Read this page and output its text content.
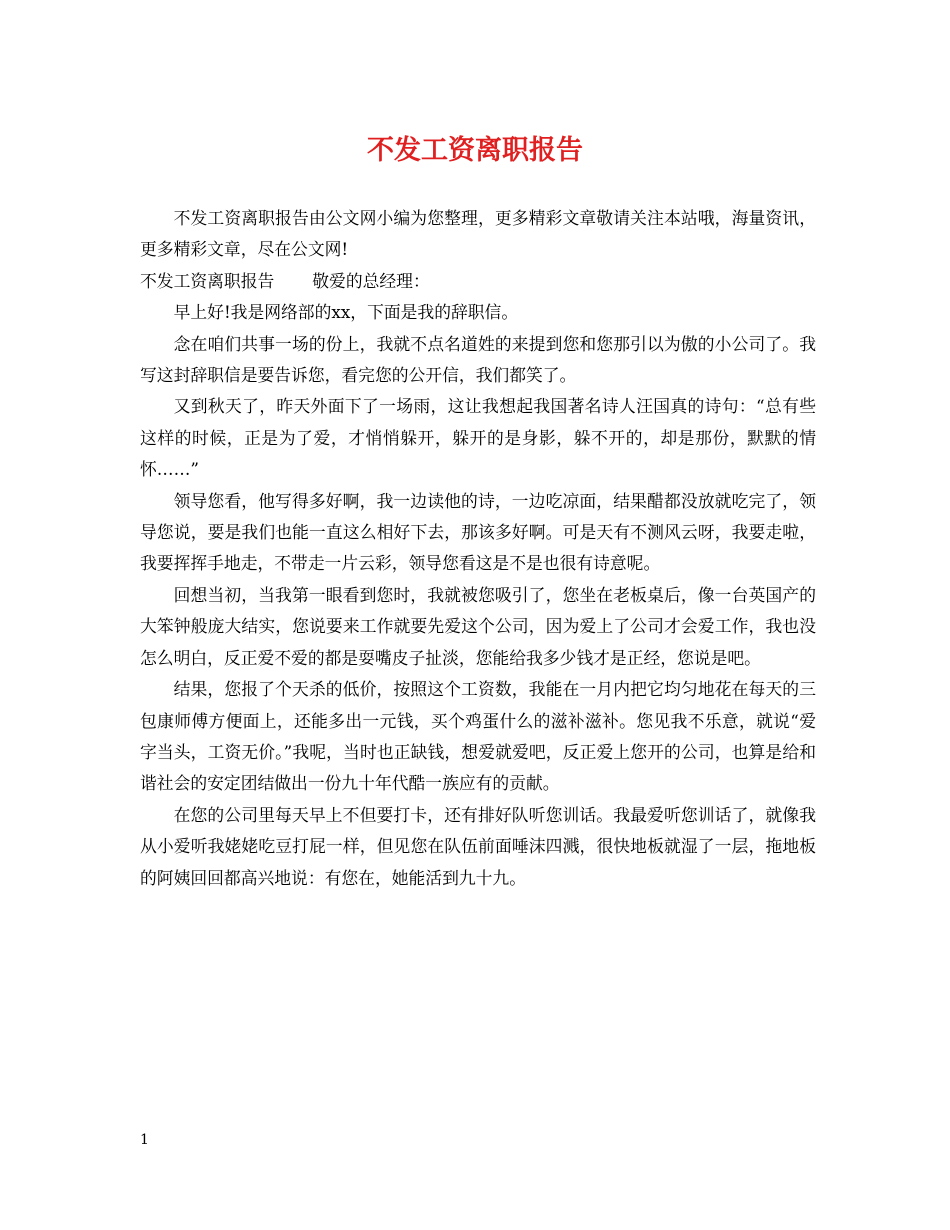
不发工资离职报告

不发工资离职报告由公文网小编为您整理，更多精彩文章敬请关注本站哦，海量资讯，更多精彩文章，尽在公文网!

不发工资离职报告 敬爱的总经理：

早上好!我是网络部的xx，下面是我的辞职信。

念在咱们共事一场的份上，我就不点名道姓的来提到您和您那引以为傲的小公司了。我写这封辞职信是要告诉您，看完您的公开信，我们都笑了。

又到秋天了，昨天外面下了一场雨，这让我想起我国著名诗人汪国真的诗句：“总有些这样的时候，正是为了爱，才悄悄躲开，躲开的是身影，躲不开的，却是那份，默默的情怀……”

领导您看，他写得多好啊，我一边读他的诗，一边吃凉面，结果醋都没放就吃完了，领导您说，要是我们也能一直这么相好下去，那该多好啊。可是天有不测风云呀，我要走啦，我要挥挥手地走，不带走一片云彩，领导您看这是不是也很有诗意呢。

回想当初，当我第一眼看到您时，我就被您吸引了，您坐在老板桌后，像一台英国产的大笨钟般庞大结实，您说要来工作就要先爱这个公司，因为爱上了公司才会爱工作，我也没怎么明白，反正爱不爱的都是耍嘴皮子扯淡，您能给我多少钱才是正经，您说是吧。

结果，您报了个天杀的低价，按照这个工资数，我能在一月内把它均匀地花在每天的三包康师傅方便面上，还能多出一元钱，买个鸡蛋什么的滋补滋补。您见我不乐意，就说“爱字当头，工资无价。”我呢，当时也正缺钱，想爱就爱吧，反正爱上您开的公司，也算是给和谐社会的安定团结做出一份九十年代酷一族应有的贡献。

在您的公司里每天早上不但要打卡，还有排好队听您训话。我最爱听您训话了，就像我从小爱听我姥姥吃豆打屁一样，但见您在队伍前面唾沫四溅，很快地板就湿了一层，拖地板的阿姨回回都高兴地说：有您在，她能活到九十九。

1
